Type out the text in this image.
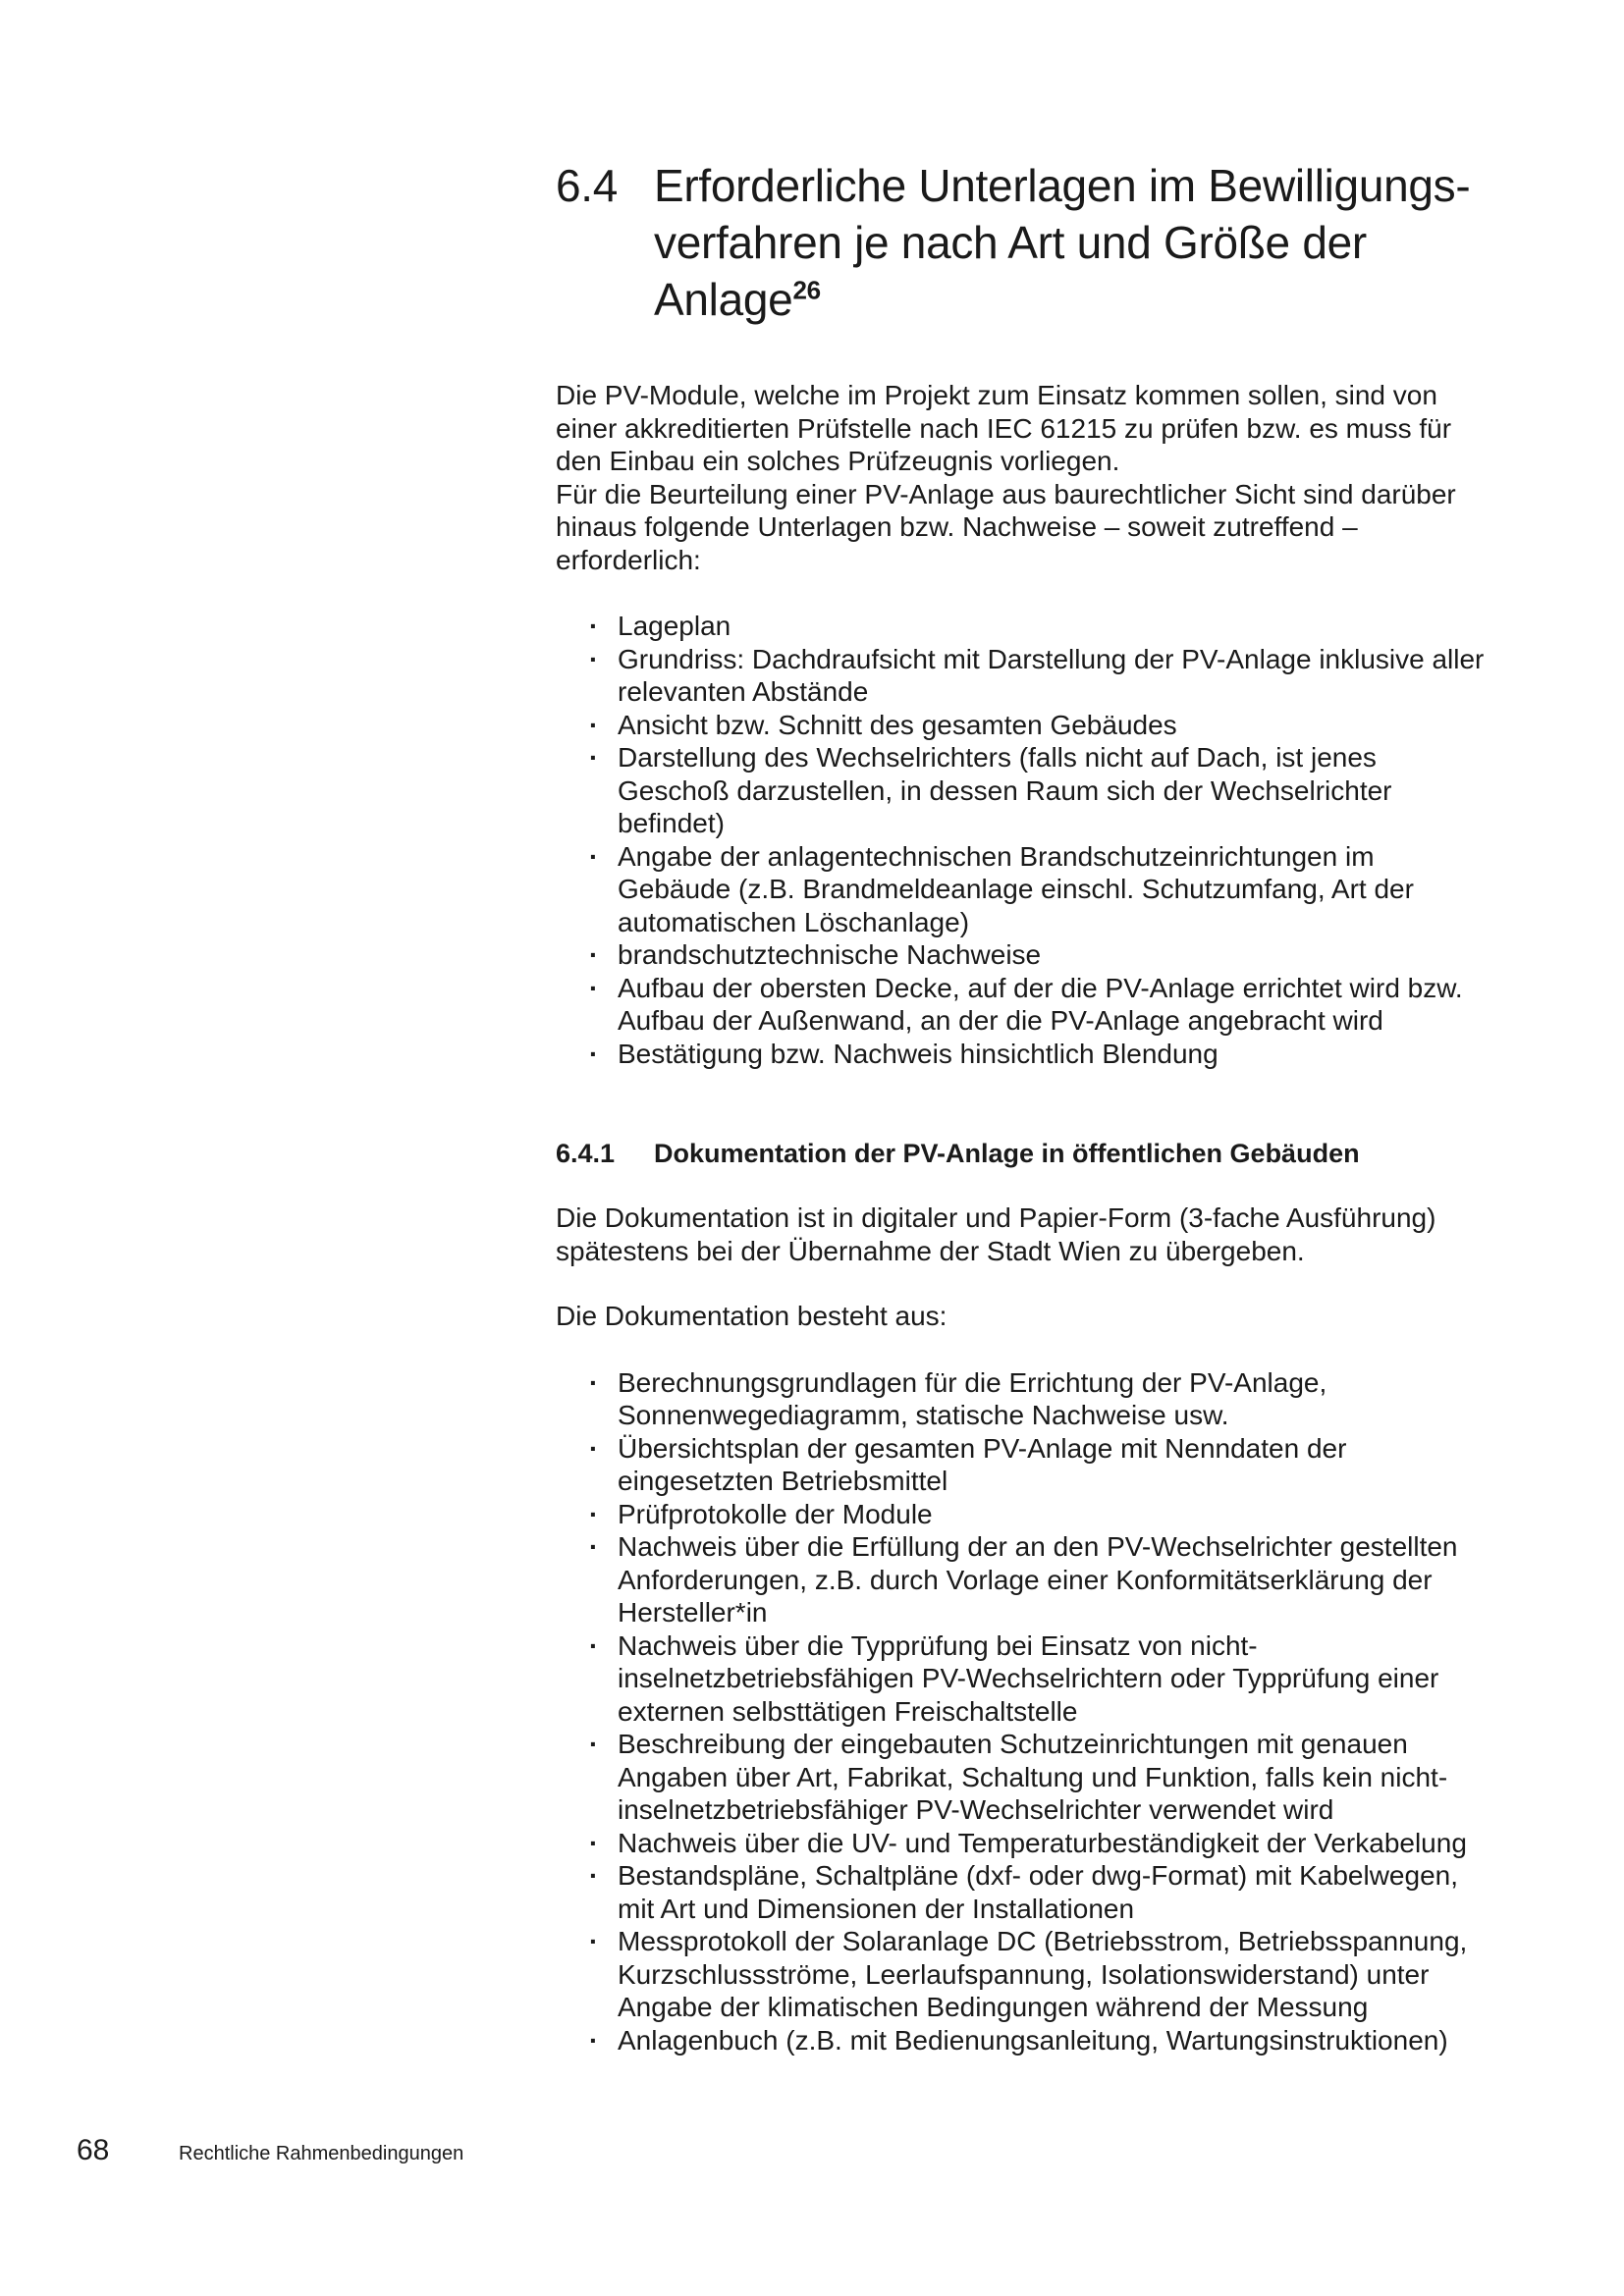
6.4 Erforderliche Unterlagen im Bewilligungs-verfahren je nach Art und Größe der Anlage$^{26}$

Die PV-Module, welche im Projekt zum Einsatz kommen sollen, sind von einer akkreditierten Prüfstelle nach IEC 61215 zu prüfen bzw. es muss für den Einbau ein solches Prüfzeugnis vorliegen.

Für die Beurteilung einer PV-Anlage aus baurechtlicher Sicht sind darüber hinaus folgende Unterlagen bzw. Nachweise – soweit zutreffend – erforderlich:

· Lageplan
· Grundriss: Dachdraufsicht mit Darstellung der PV-Anlage inklusive aller relevanten Abstände
· Ansicht bzw. Schnitt des gesamten Gebäudes
· Darstellung des Wechselrichters (falls nicht auf Dach, ist jenes Geschoß darzustellen, in dessen Raum sich der Wechselrichter befindet)
· Angabe der anlagentechnischen Brandschutzeinrichtungen im Gebäude (z.B. Brandmeldeanlage einschl. Schutzumfang, Art der automatischen Löschanlage)
· brandschutztechnische Nachweise
· Aufbau der obersten Decke, auf der die PV-Anlage errichtet wird bzw. Aufbau der Außenwand, an der die PV-Anlage angebracht wird
· Bestätigung bzw. Nachweis hinsichtlich Blendung
6.4.1	Dokumentation der PV-Anlage in öffentlichen Gebäuden

Die Dokumentation ist in digitaler und Papier-Form (3-fache Ausführung) spätestens bei der Übernahme der Stadt Wien zu übergeben.

Die Dokumentation besteht aus:

· Berechnungsgrundlagen für die Errichtung der PV-Anlage, Sonnenwegediagramm, statische Nachweise usw.
· Übersichtsplan der gesamten PV-Anlage mit Nenndaten der eingesetzten Betriebsmittel
· Prüfprotokolle der Module
· Nachweis über die Erfüllung der an den PV-Wechselrichter gestellten Anforderungen, z.B. durch Vorlage einer Konformitätserklärung der Hersteller*in
· Nachweis über die Typprüfung bei Einsatz von nicht-inselnetzbetriebsfähigen PV-Wechselrichtern oder Typprüfung einer externen selbsttätigen Freischaltstelle
· Beschreibung der eingebauten Schutzeinrichtungen mit genauen Angaben über Art, Fabrikat, Schaltung und Funktion, falls kein nicht-inselnetzbetriebsfähiger PV-Wechselrichter verwendet wird
· Nachweis über die UV- und Temperaturbeständigkeit der Verkabelung
· Bestandspläne, Schaltpläne (dxf- oder dwg-Format) mit Kabelwegen, mit Art und Dimensionen der Installationen
· Messprotokoll der Solaranlage DC (Betriebsstrom, Betriebsspannung, Kurzschlussströme, Leerlaufspannung, Isolationswiderstand) unter Angabe der klimatischen Bedingungen während der Messung
· Anlagenbuch (z.B. mit Bedienungsanleitung, Wartungsinstruktionen)
68	Rechtliche Rahmenbedingungen
